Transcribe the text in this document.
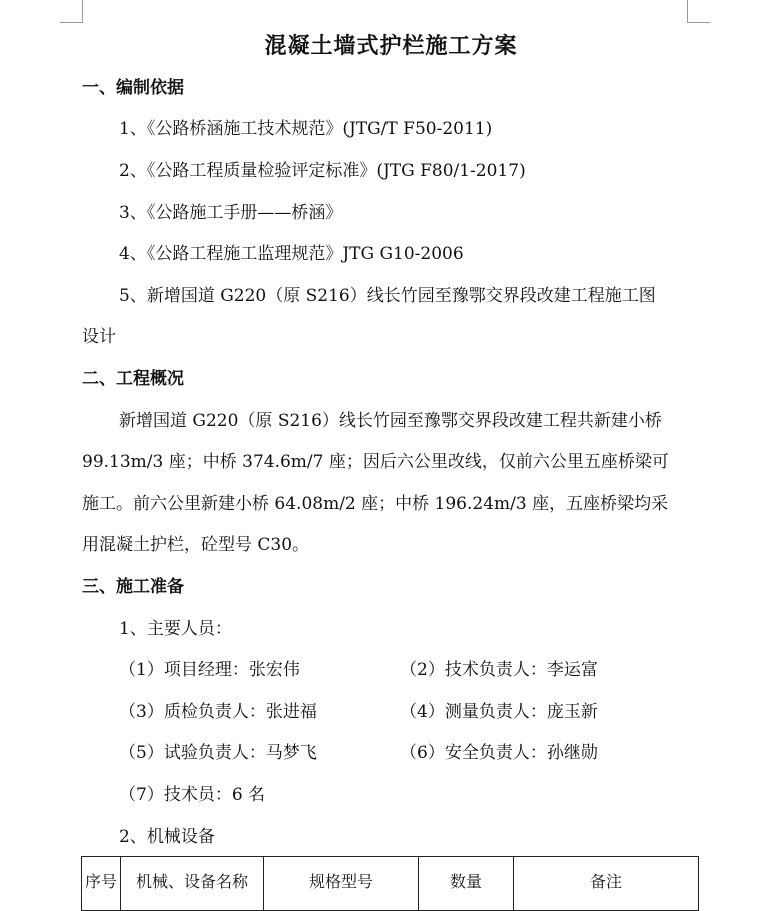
混凝土墙式护栏施工方案
一、编制依据
1、《公路桥涵施工技术规范》(JTG/T F50-2011)
2、《公路工程质量检验评定标准》(JTG F80/1-2017)
3、《公路施工手册——桥涵》
4、《公路工程施工监理规范》JTG G10-2006
5、新增国道 G220（原 S216）线长竹园至豫鄂交界段改建工程施工图
设计
二、工程概况
新增国道 G220（原 S216）线长竹园至豫鄂交界段改建工程共新建小桥
99.13m/3 座；中桥 374.6m/7 座；因后六公里改线，仅前六公里五座桥梁可
施工。前六公里新建小桥 64.08m/2 座；中桥 196.24m/3 座，五座桥梁均采
用混凝土护栏，砼型号 C30。
三、施工准备
1、主要人员：
（1）项目经理：张宏伟	（2）技术负责人：李运富
（3）质检负责人：张进福	（4）测量负责人：庞玉新
（5）试验负责人：马梦飞	（6）安全负责人：孙继勋
（7）技术员：6 名
2、机械设备
序号	机械、设备名称	规格型号	数量	备注
